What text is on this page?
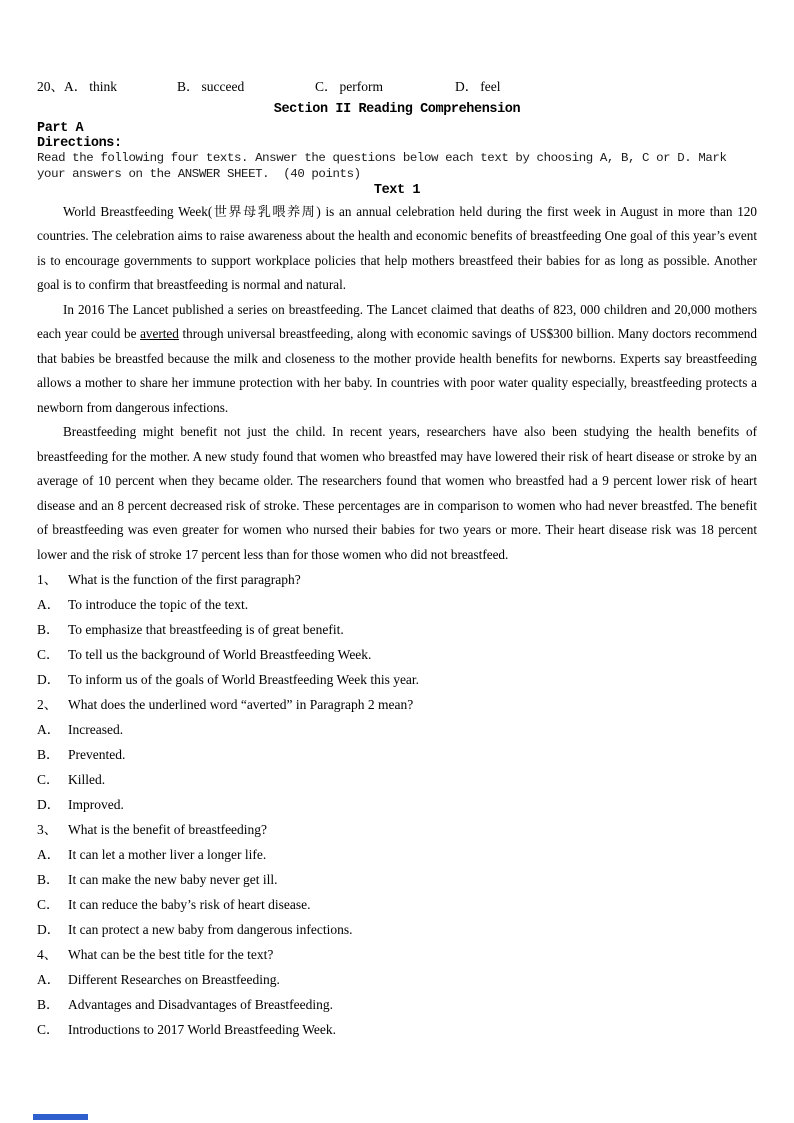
20、A． think	B． succeed	C． perform	D． feel
Section II Reading Comprehension
Part A
Directions:
Read the following four texts. Answer the questions below each text by choosing A, B, C or D. Mark
your answers on the ANSWER SHEET.  (40 points)
Text 1

World Breastfeeding Week(世界母乳喂养周) is an annual celebration held during the first week in August in more than 120 countries. The celebration aims to raise awareness about the health and economic benefits of breastfeeding One goal of this year’s event is to encourage governments to support workplace policies that help mothers breastfeed their babies for as long as possible. Another goal is to confirm that breastfeeding is normal and natural.

In 2016 The Lancet published a series on breastfeeding. The Lancet claimed that deaths of 823, 000 children and 20,000 mothers each year could be averted through universal breastfeeding, along with economic savings of US$300 billion. Many doctors recommend that babies be breastfed because the milk and closeness to the mother provide health benefits for newborns. Experts say breastfeeding allows a mother to share her immune protection with her baby. In countries with poor water quality especially, breastfeeding protects a newborn from dangerous infections.

Breastfeeding might benefit not just the child. In recent years, researchers have also been studying the health benefits of breastfeeding for the mother. A new study found that women who breastfed may have lowered their risk of heart disease or stroke by an average of 10 percent when they became older. The researchers found that women who breastfed had a 9 percent lower risk of heart disease and an 8 percent decreased risk of stroke. These percentages are in comparison to women who had never breastfed. The benefit of breastfeeding was even greater for women who nursed their babies for two years or more. Their heart disease risk was 18 percent lower and the risk of stroke 17 percent less than for those women who did not breastfeed.

1、 What is the function of the first paragraph?
A． To introduce the topic of the text.
B． To emphasize that breastfeeding is of great benefit.
C． To tell us the background of World Breastfeeding Week.
D． To inform us of the goals of World Breastfeeding Week this year.
2、 What does the underlined word “averted” in Paragraph 2 mean?
A． Increased.
B． Prevented.
C． Killed.
D． Improved.
3、 What is the benefit of breastfeeding?
A． It can let a mother liver a longer life.
B． It can make the new baby never get ill.
C． It can reduce the baby’s risk of heart disease.
D． It can protect a new baby from dangerous infections.
4、 What can be the best title for the text?
A． Different Researches on Breastfeeding.
B． Advantages and Disadvantages of Breastfeeding.
C． Introductions to 2017 World Breastfeeding Week.
